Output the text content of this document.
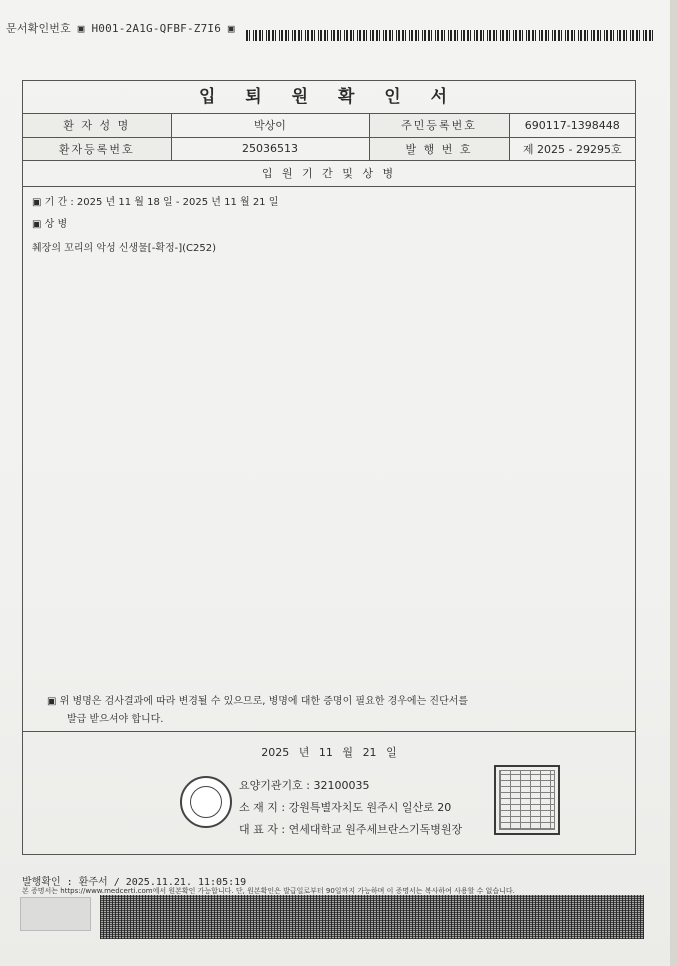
문서확인번호 ▣ H001-2A1G-QFBF-Z7I6 ▣
입 퇴 원 확 인 서
환 자 성 명	박상이	주민등록번호	690117-1398448
환자등록번호	25036513	발 행 번 호	제 2025 - 29295호
입 원 기 간 및 상 병
▣ 기 간 : 2025 년 11 월 18 일 - 2025 년 11 월 21 일
▣ 상 병
췌장의 꼬리의 악성 신생물[-확정-](C252)
▣ 위 병명은 검사결과에 따라 변경될 수 있으므로, 병명에 대한 증명이 필요한 경우에는 진단서를
발급 받으셔야 합니다.
2025 년 11 월 21 일
요양기관기호 : 32100035
소 재 지 : 강원특별자치도 원주시 일산로 20
대 표 자 : 연세대학교 원주세브란스기독병원장
발행확인 : 환주서 / 2025.11.21. 11:05:19
본 증명서는 https://www.medcerti.com에서 원본확인 가능합니다. 단, 원본확인은 발급일로부터 90일까지 가능하며 이 증명서는 복사하여 사용할 수 없습니다.
